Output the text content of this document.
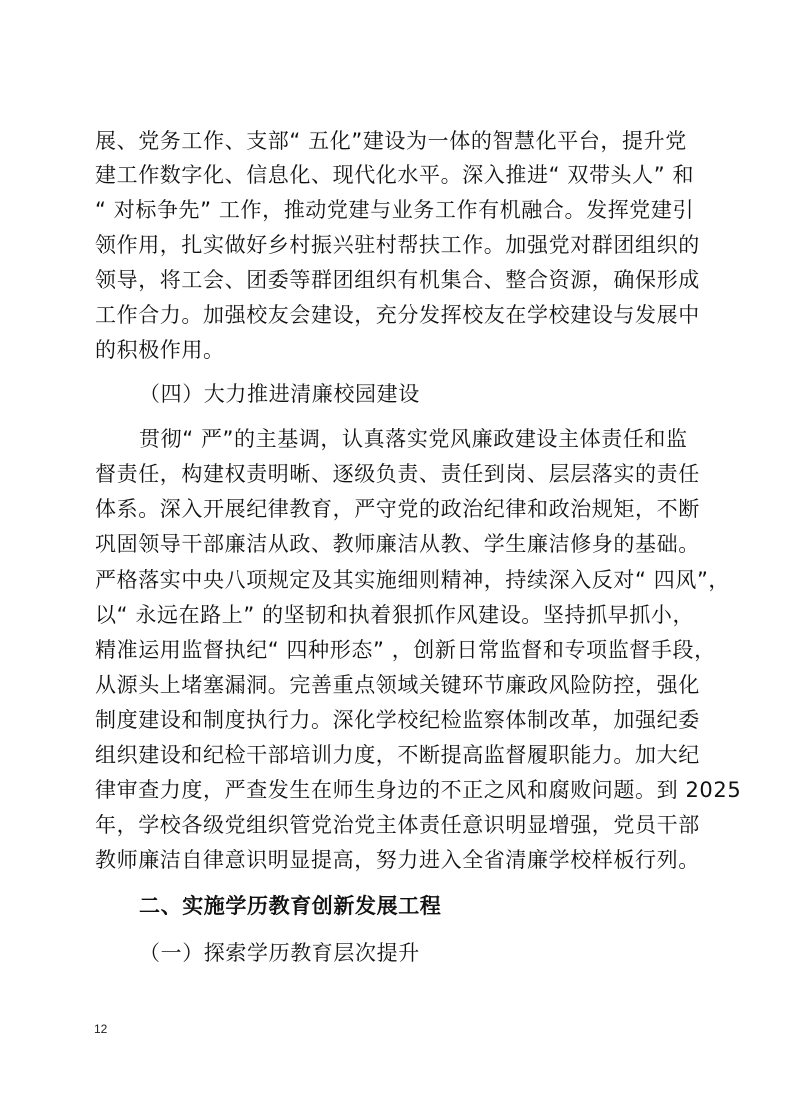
展、党务工作、支部“ 五化”建设为一体的智慧化平台，提升党
建工作数字化、信息化、现代化水平。深入推进“ 双带头人” 和
“ 对标争先” 工作，推动党建与业务工作有机融合。发挥党建引
领作用，扎实做好乡村振兴驻村帮扶工作。加强党对群团组织的
领导，将工会、团委等群团组织有机集合、整合资源，确保形成
工作合力。加强校友会建设，充分发挥校友在学校建设与发展中
的积极作用。
（四）大力推进清廉校园建设
贯彻“ 严”的主基调，认真落实党风廉政建设主体责任和监
督责任，构建权责明晰、逐级负责、责任到岗、层层落实的责任
体系。深入开展纪律教育，严守党的政治纪律和政治规矩，不断
巩固领导干部廉洁从政、教师廉洁从教、学生廉洁修身的基础。
严格落实中央八项规定及其实施细则精神，持续深入反对“ 四风”，
以“ 永远在路上” 的坚韧和执着狠抓作风建设。坚持抓早抓小，
精准运用监督执纪“ 四种形态” ，创新日常监督和专项监督手段，
从源头上堵塞漏洞。完善重点领域关键环节廉政风险防控，强化
制度建设和制度执行力。深化学校纪检监察体制改革，加强纪委
组织建设和纪检干部培训力度，不断提高监督履职能力。加大纪
律审查力度，严查发生在师生身边的不正之风和腐败问题。到 2025
年，学校各级党组织管党治党主体责任意识明显增强，党员干部
教师廉洁自律意识明显提高，努力进入全省清廉学校样板行列。
二、实施学历教育创新发展工程
（一）探索学历教育层次提升
12
